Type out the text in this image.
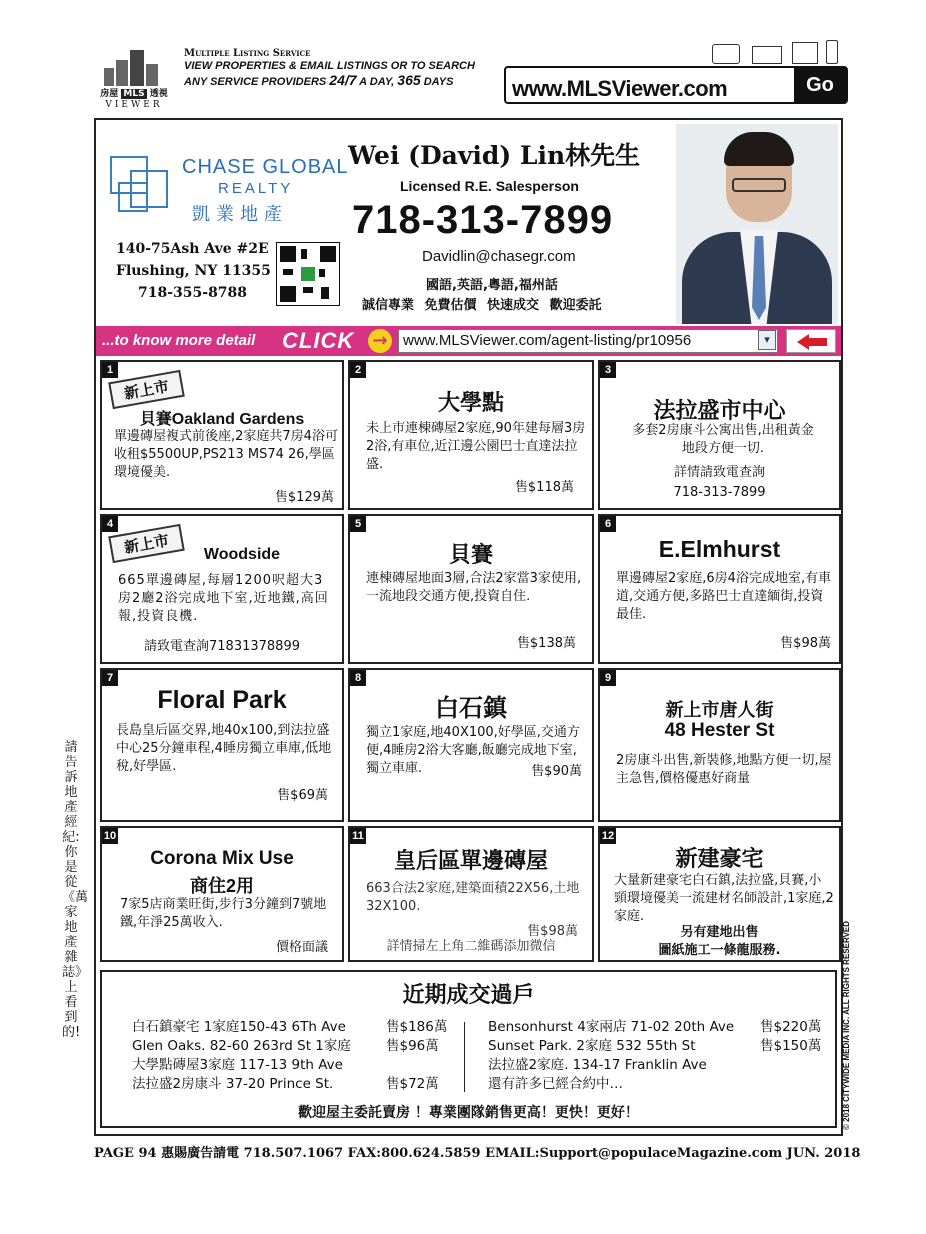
房屋 MLS 透視
VIEWER
Multiple Listing Service
VIEW PROPERTIES & EMAIL LISTINGS OR TO SEARCH
ANY SERVICE PROVIDERS 24/7 A DAY, 365 DAYS	www.MLSViewer.com	Go
CHASE GLOBAL
REALTY
凱業地產
140-75Ash Ave #2E
Flushing, NY 11355
718-355-8788
Wei (David) Lin林先生
Licensed R.E. Salesperson
718-313-7899
Davidlin@chasegr.com
國語,英語,粵語,福州話
誠信專業 免費估價 快速成交 歡迎委託
...to know more detail CLICK →	www.MLSViewer.com/agent-listing/pr10956	▾
1
新上市
貝賽Oakland Gardens
單邊磚屋複式前後座,2家庭共7房4浴可收租$5500UP,PS213 MS74 26,學區環境優美.
售$129萬
2
大學點
未上市連棟磚屋2家庭,90年建每層3房2浴,有車位,近江邊公園巴士直達法拉盛.
售$118萬
3
法拉盛市中心
多套2房康斗公寓出售,出租黃金地段方便一切.
詳情請致電查詢
718-313-7899
4
新上市	Woodside
665單邊磚屋,每層1200呎超大3房2廳2浴完成地下室,近地鐵,高回報,投資良機.
請致電查詢71831378899
5
貝賽
連棟磚屋地面3層,合法2家當3家使用,一流地段交通方便,投資自住.
售$138萬
6
E.Elmhurst
單邊磚屋2家庭,6房4浴完成地室,有車道,交通方便,多路巴士直達緬街,投資最佳.
售$98萬
7
Floral Park
長島皇后區交界,地40x100,到法拉盛中心25分鐘車程,4睡房獨立車庫,低地稅,好學區.
售$69萬
8
白石鎮
獨立1家庭,地40X100,好學區,交通方便,4睡房2浴大客廳,飯廳完成地下室,獨立車庫.	售$90萬
9
新上市唐人街
48 Hester St
2房康斗出售,新裝修,地點方便一切,屋主急售,價格優惠好商量
10
Corona Mix Use
商住2用
7家5店商業旺街,步行3分鐘到7號地鐵,年淨25萬收入.
價格面議
11
皇后區單邊磚屋
663合法2家庭,建築面積22X56,土地32X100.
售$98萬
詳情掃左上角二維碼添加微信
12
新建豪宅
大量新建豪宅白石鎮,法拉盛,貝賽,小頸環境優美一流建材名師設計,1家庭,2家庭.
另有建地出售
圖紙施工一條龍服務.
近期成交過戶
白石鎮豪宅 1家庭150-43 6Th Ave	售$186萬
Glen Oaks. 82-60 263rd St 1家庭	售$96萬
大學點磚屋3家庭 117-13 9th Ave
法拉盛2房康斗 37-20 Prince St.	售$72萬
Bensonhurst 4家兩店 71-02 20th Ave 售$220萬
Sunset Park. 2家庭 532 55th St	售$150萬
法拉盛2家庭. 134-17 Franklin Ave
還有許多已經合約中…
歡迎屋主委託賣房 ！專業團隊銷售更高！更快！更好！
請告訴地產經紀:你是從《萬家地產雜誌》上看到的!	© 2018 CITYWIDE MEDIA INC. ALL RIGHTS RESERVED
PAGE 94 惠賜廣告請電 718.507.1067 FAX:800.624.5859 EMAIL:Support@populaceMagazine.com JUN. 2018
